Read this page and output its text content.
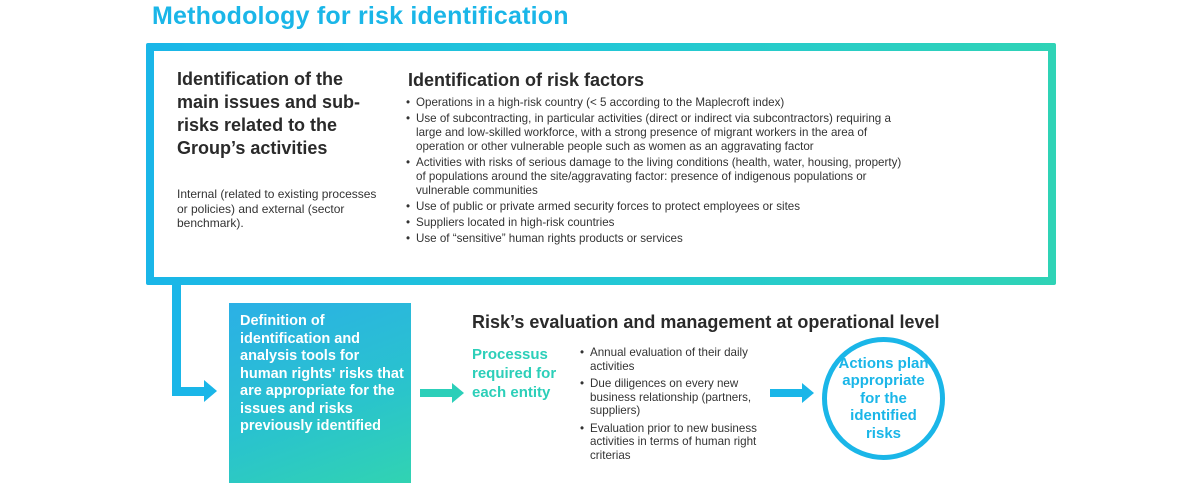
Methodology for risk identification
Identification of the main issues and sub-risks related to the Group’s activities
Internal (related to existing processes or policies) and external (sector benchmark).
Identification of risk factors
• Operations in a high-risk country (< 5 according to the Maplecroft index)
• Use of subcontracting, in particular activities (direct or indirect via subcontractors) requiring a large and low-skilled workforce, with a strong presence of migrant workers in the area of operation or other vulnerable people such as women as an aggravating factor
• Activities with risks of serious damage to the living conditions (health, water, housing, property) of populations around the site/aggravating factor: presence of indigenous populations or vulnerable communities
• Use of public or private armed security forces to protect employees or sites
• Suppliers located in high-risk countries
• Use of “sensitive” human rights products or services
Definition of identification and analysis tools for human rights' risks that are appropriate for the issues and risks previously identified
Risk’s evaluation and management at operational level
Processus required for each entity
• Annual evaluation of their daily activities
• Due diligences on every new business relationship (partners, suppliers)
• Evaluation prior to new business activities in terms of human right criterias
Actions plan appropriate for the identified risks
